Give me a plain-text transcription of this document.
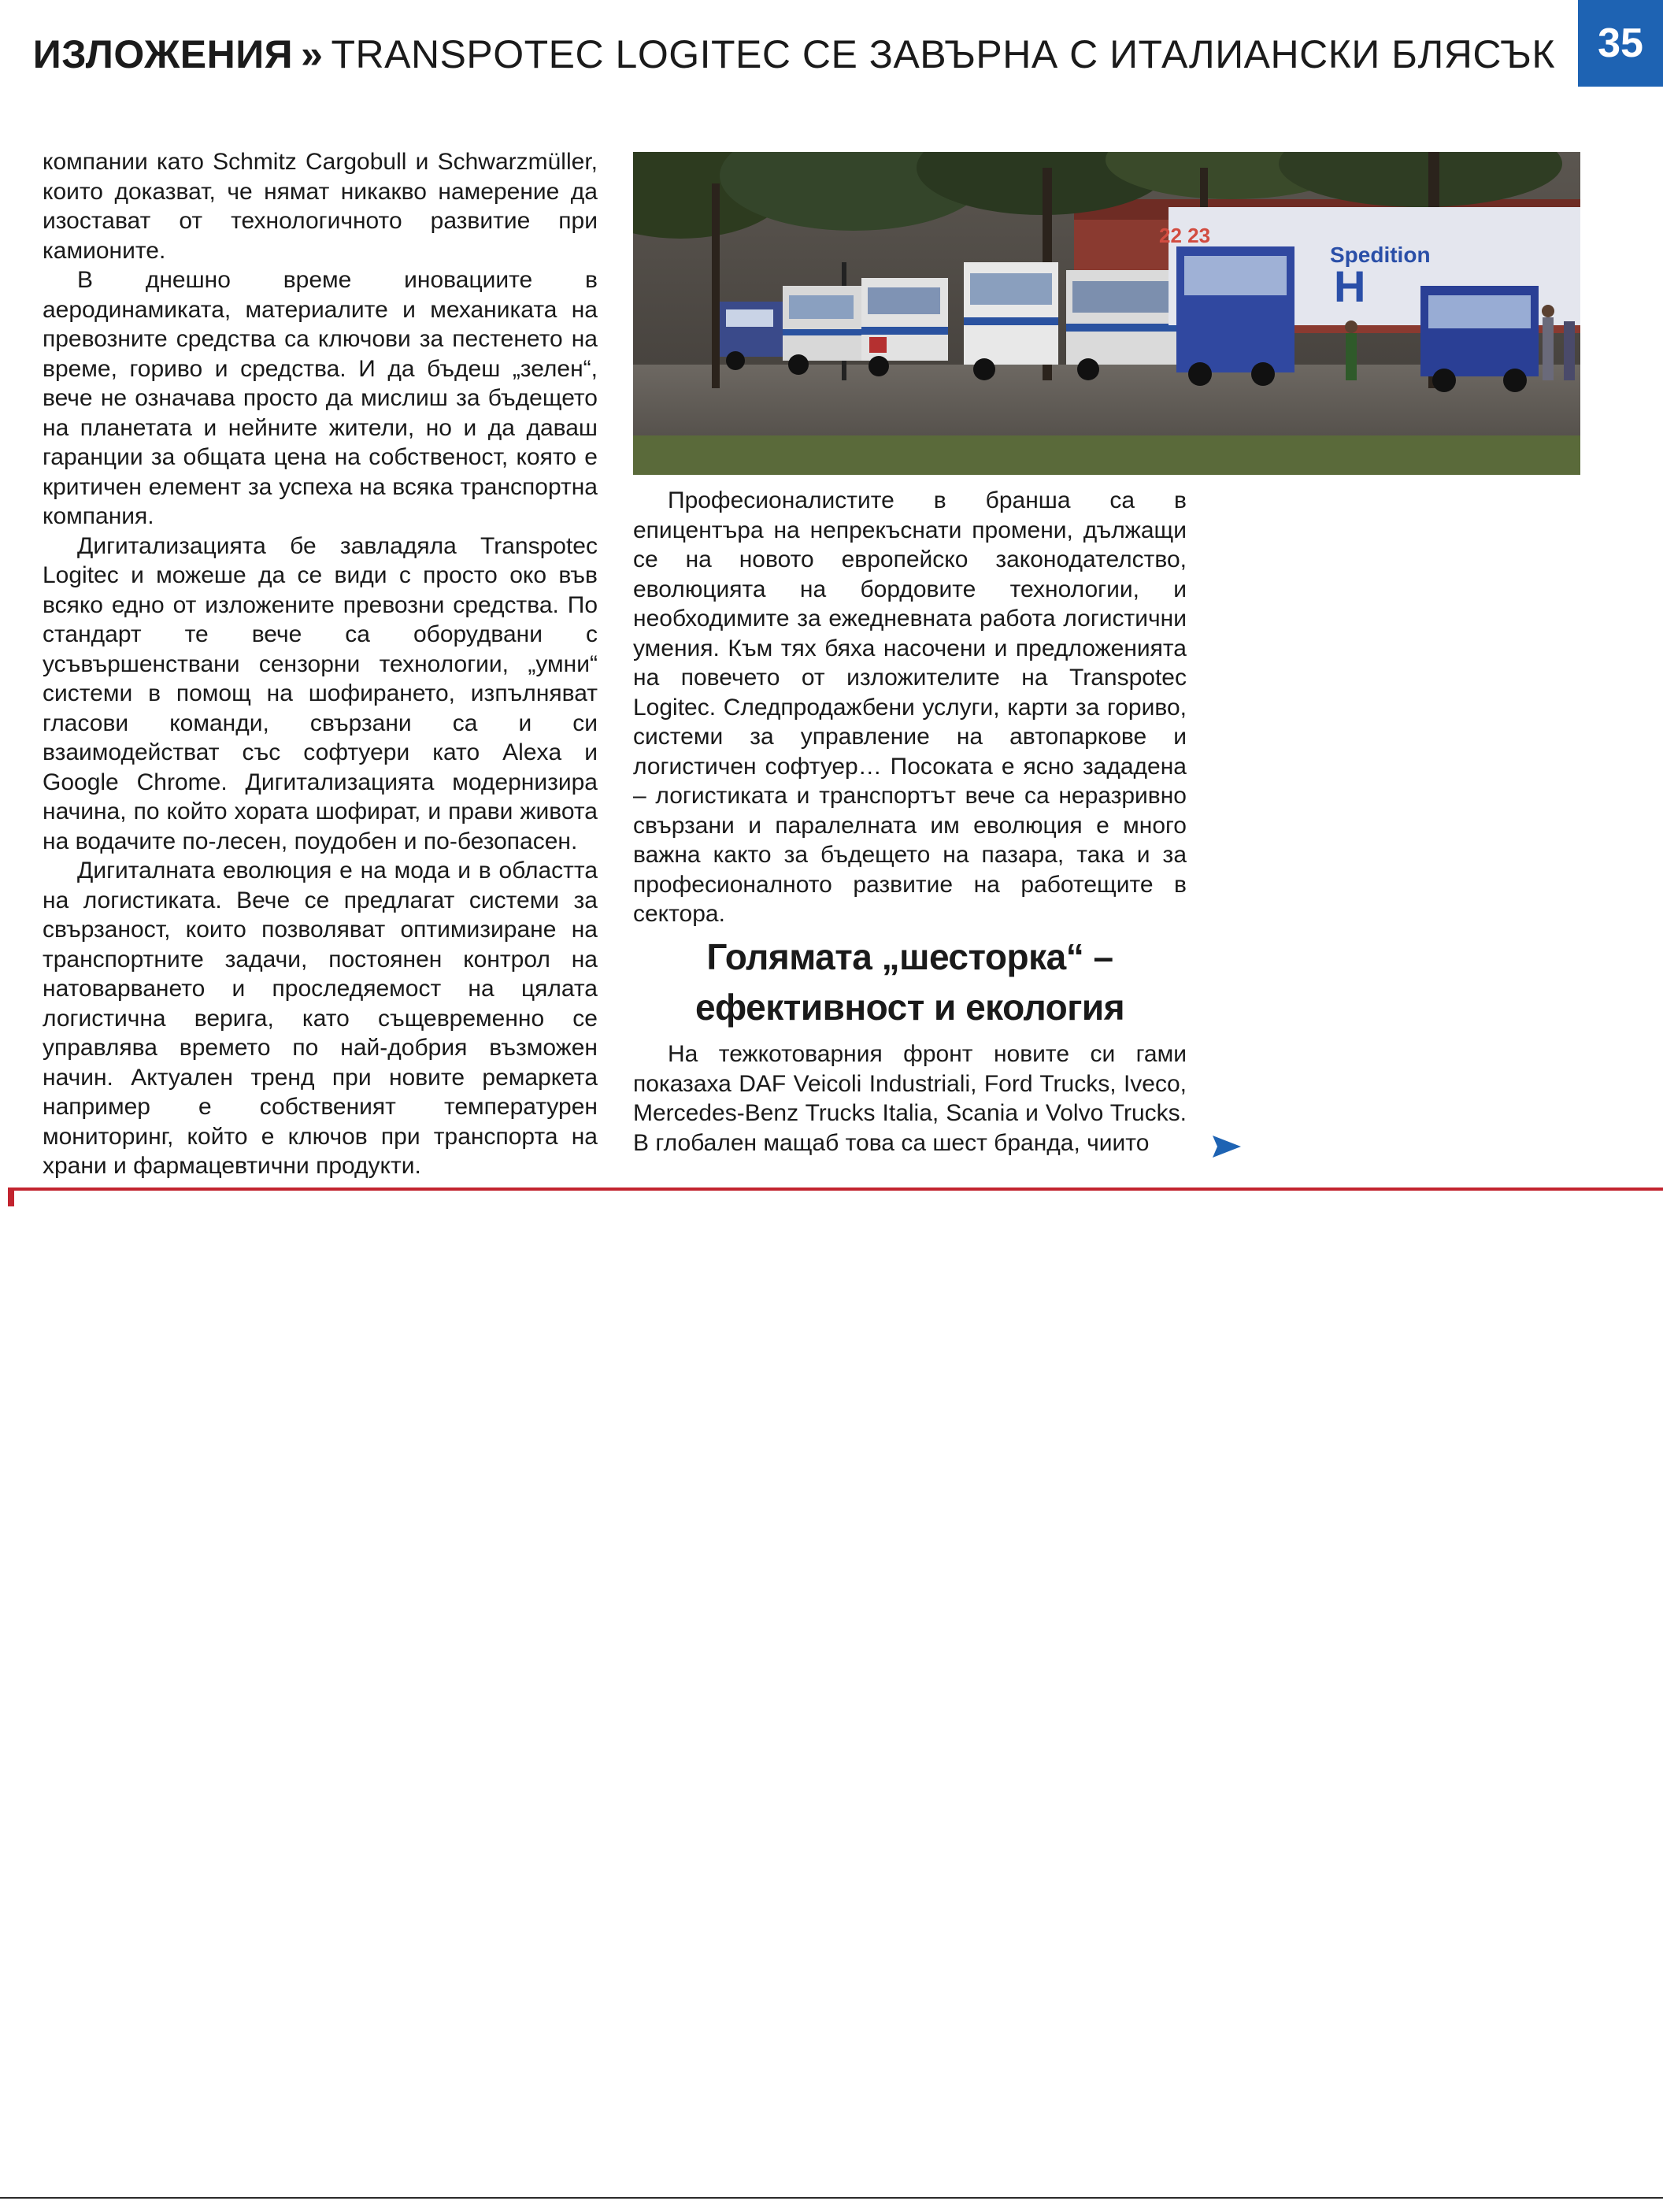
ИЗЛОЖЕНИЯ » TRANSPOTEC LOGITEC СЕ ЗАВЪРНА С ИТАЛИАНСКИ БЛЯСЪК	35

компании като Schmitz Cargobull и Schwarzmüller, които доказват, че нямат никакво намерение да изостават от технологичното развитие при камионите.

В днешно време иновациите в аеродинамиката, материалите и механиката на превозните средства са ключови за пестенето на време, гориво и средства. И да бъдеш „зелен“, вече не означава просто да мислиш за бъдещето на планетата и нейните жители, но и да даваш гаранции за общата цена на собственост, която е критичен елемент за успеха на всяка транспортна компания.

Дигитализацията бе завладяла Transpotec Logitec и можеше да се види с просто око във всяко едно от изложените превозни средства. По стандарт те вече са оборудвани с усъвършенствани сензорни технологии, „умни“ системи в помощ на шофирането, изпълняват гласови команди, свързани са и си взаимодействат със софтуери като Alexa и Google Chrome. Дигитализацията модернизира начина, по който хората шофират, и прави живота на водачите по-лесен, поудобен и по-безопасен.

Дигиталната еволюция е на мода и в областта на логистиката. Вече се предлагат системи за свързаност, които позволяват оптимизиране на транспортните задачи, постоянен контрол на натоварването и проследяемост на цялата логистична верига, като същевременно се управлява времето по най-добрия възможен начин. Актуален тренд при новите ремаркета например е собственият температурен мониторинг, който е ключов при транспорта на храни и фармацевтични продукти.

Spedition
H
22 23

Професионалистите в бранша са в епицентъра на непрекъснати промени, дължащи се на новото европейско законодателство, еволюцията на бордовите технологии, и необходимите за ежедневната работа логистични умения. Към тях бяха насочени и предложенията на повечето от изложителите на Transpotec Logitec. Следпродажбени услуги, карти за гориво, системи за управление на автопаркове и логистичен софтуер… Посоката е ясно зададена – логистиката и транспортът вече са неразривно свързани и паралелната им еволюция е много важна както за бъдещето на пазара, така и за професионалното развитие на работещите в сектора.

Голямата „шесторка“ –
ефективност и екология

На тежкотоварния фронт новите си гами показаха DAF Veicoli Industriali, Ford Trucks, Iveco, Mercedes-Benz Trucks Italia, Scania и Volvo Trucks. В глобален мащаб това са шест бранда, чиито
